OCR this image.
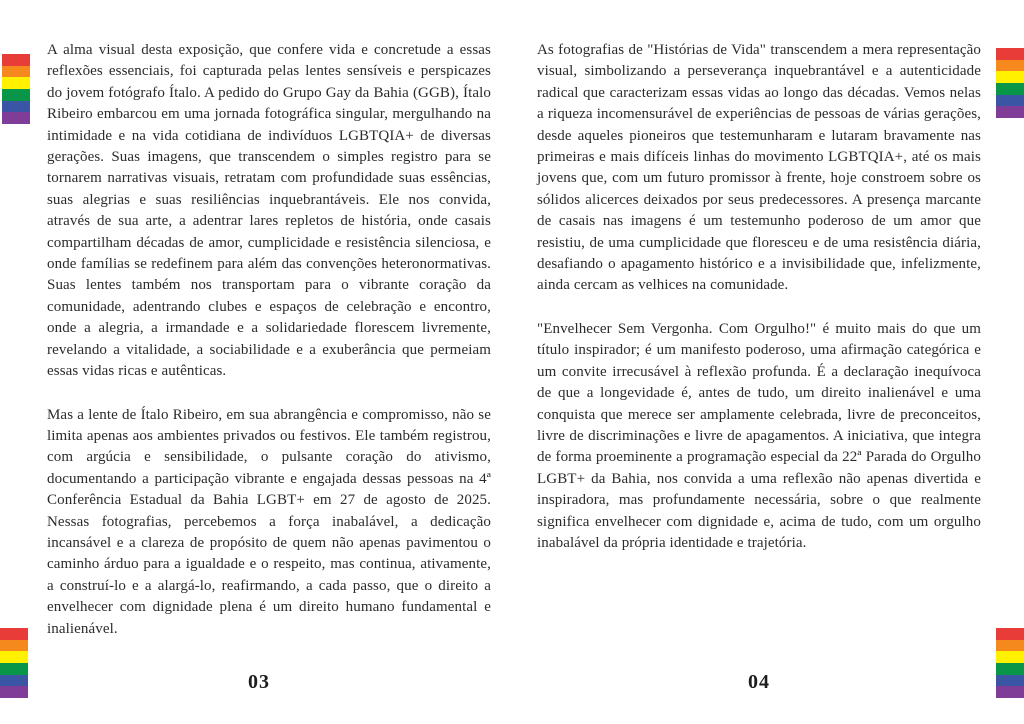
A alma visual desta exposição, que confere vida e concretude a essas reflexões essenciais, foi capturada pelas lentes sensíveis e perspicazes do jovem fotógrafo Ítalo. A pedido do Grupo Gay da Bahia (GGB), Ítalo Ribeiro embarcou em uma jornada fotográfica singular, mergulhando na intimidade e na vida cotidiana de indivíduos LGBTQIA+ de diversas gerações. Suas imagens, que transcendem o simples registro para se tornarem narrativas visuais, retratam com profundidade suas essências, suas alegrias e suas resiliências inquebrantáveis. Ele nos convida, através de sua arte, a adentrar lares repletos de história, onde casais compartilham décadas de amor, cumplicidade e resistência silenciosa, e onde famílias se redefinem para além das convenções heteronormativas. Suas lentes também nos transportam para o vibrante coração da comunidade, adentrando clubes e espaços de celebração e encontro, onde a alegria, a irmandade e a solidariedade florescem livremente, revelando a vitalidade, a sociabilidade e a exuberância que permeiam essas vidas ricas e autênticas.

Mas a lente de Ítalo Ribeiro, em sua abrangência e compromisso, não se limita apenas aos ambientes privados ou festivos. Ele também registrou, com argúcia e sensibilidade, o pulsante coração do ativismo, documentando a participação vibrante e engajada dessas pessoas na 4ª Conferência Estadual da Bahia LGBT+ em 27 de agosto de 2025. Nessas fotografias, percebemos a força inabalável, a dedicação incansável e a clareza de propósito de quem não apenas pavimentou o caminho árduo para a igualdade e o respeito, mas continua, ativamente, a construí-lo e a alargá-lo, reafirmando, a cada passo, que o direito a envelhecer com dignidade plena é um direito humano fundamental e inalienável.

03

As fotografias de "Histórias de Vida" transcendem a mera representação visual, simbolizando a perseverança inquebrantável e a autenticidade radical que caracterizam essas vidas ao longo das décadas. Vemos nelas a riqueza incomensurável de experiências de pessoas de várias gerações, desde aqueles pioneiros que testemunharam e lutaram bravamente nas primeiras e mais difíceis linhas do movimento LGBTQIA+, até os mais jovens que, com um futuro promissor à frente, hoje constroem sobre os sólidos alicerces deixados por seus predecessores. A presença marcante de casais nas imagens é um testemunho poderoso de um amor que resistiu, de uma cumplicidade que floresceu e de uma resistência diária, desafiando o apagamento histórico e a invisibilidade que, infelizmente, ainda cercam as velhices na comunidade.

"Envelhecer Sem Vergonha. Com Orgulho!" é muito mais do que um título inspirador; é um manifesto poderoso, uma afirmação categórica e um convite irrecusável à reflexão profunda. É a declaração inequívoca de que a longevidade é, antes de tudo, um direito inalienável e uma conquista que merece ser amplamente celebrada, livre de preconceitos, livre de discriminações e livre de apagamentos. A iniciativa, que integra de forma proeminente a programação especial da 22ª Parada do Orgulho LGBT+ da Bahia, nos convida a uma reflexão não apenas divertida e inspiradora, mas profundamente necessária, sobre o que realmente significa envelhecer com dignidade e, acima de tudo, com um orgulho inabalável da própria identidade e trajetória.

04
